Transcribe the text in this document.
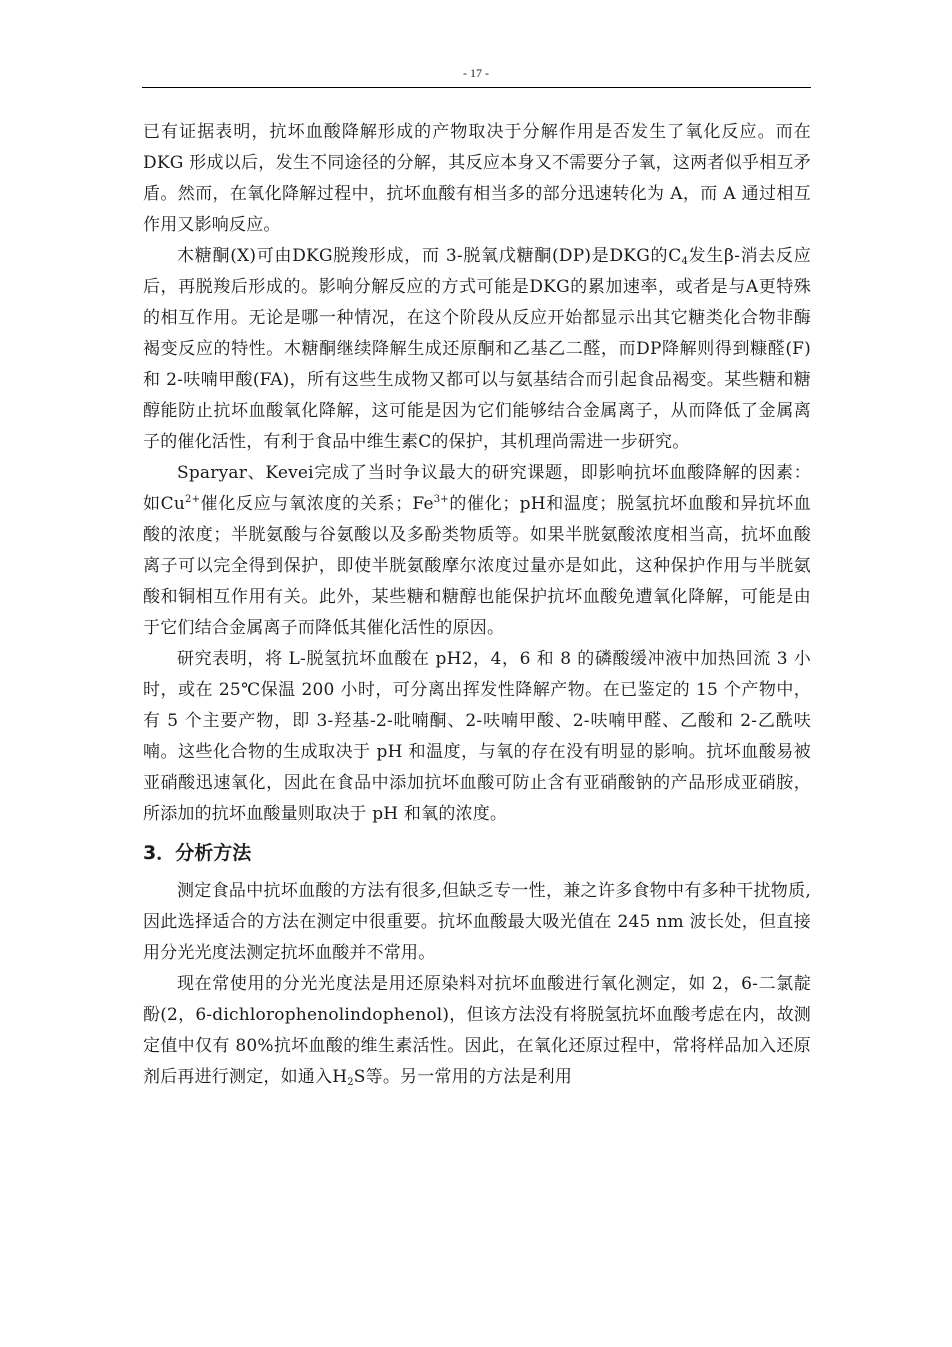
- 17 -

已有证据表明，抗坏血酸降解形成的产物取决于分解作用是否发生了氧化反应。而在 DKG 形成以后，发生不同途径的分解，其反应本身又不需要分子氧，这两者似乎相互矛盾。然而，在氧化降解过程中，抗坏血酸有相当多的部分迅速转化为 A，而 A 通过相互作用又影响反应。

木糖酮(X)可由DKG脱羧形成，而 3-脱氧戊糖酮(DP)是DKG的$C_4$发生β-消去反应后，再脱羧后形成的。影响分解反应的方式可能是DKG的累加速率，或者是与A更特殊的相互作用。无论是哪一种情况，在这个阶段从反应开始都显示出其它糖类化合物非酶褐变反应的特性。木糖酮继续降解生成还原酮和乙基乙二醛，而DP降解则得到糠醛(F) 和 2-呋喃甲酸(FA)，所有这些生成物又都可以与氨基结合而引起食品褐变。某些糖和糖醇能防止抗坏血酸氧化降解，这可能是因为它们能够结合金属离子，从而降低了金属离子的催化活性，有利于食品中维生素C的保护，其机理尚需进一步研究。

Sparyar、Kevei完成了当时争议最大的研究课题，即影响抗坏血酸降解的因素：如$Cu^{2+}$催化反应与氧浓度的关系；$Fe^{3+}$的催化；pH和温度；脱氢抗坏血酸和异抗坏血酸的浓度；半胱氨酸与谷氨酸以及多酚类物质等。如果半胱氨酸浓度相当高，抗坏血酸离子可以完全得到保护，即使半胱氨酸摩尔浓度过量亦是如此，这种保护作用与半胱氨酸和铜相互作用有关。此外，某些糖和糖醇也能保护抗坏血酸免遭氧化降解，可能是由于它们结合金属离子而降低其催化活性的原因。

研究表明，将 L-脱氢抗坏血酸在 pH2，4，6 和 8 的磷酸缓冲液中加热回流 3 小时，或在 25℃保温 200 小时，可分离出挥发性降解产物。在已鉴定的 15 个产物中，有 5 个主要产物，即 3-羟基-2-吡喃酮、2-呋喃甲酸、2-呋喃甲醛、乙酸和 2-乙酰呋喃。这些化合物的生成取决于 pH 和温度，与氧的存在没有明显的影响。抗坏血酸易被亚硝酸迅速氧化，因此在食品中添加抗坏血酸可防止含有亚硝酸钠的产品形成亚硝胺，所添加的抗坏血酸量则取决于 pH 和氧的浓度。

3．分析方法

测定食品中抗坏血酸的方法有很多,但缺乏专一性，兼之许多食物中有多种干扰物质,因此选择适合的方法在测定中很重要。抗坏血酸最大吸光值在 245 nm 波长处，但直接用分光光度法测定抗坏血酸并不常用。

现在常使用的分光光度法是用还原染料对抗坏血酸进行氧化测定，如 2，6-二氯靛酚(2，6-dichlorophenolindophenol)，但该方法没有将脱氢抗坏血酸考虑在内，故测定值中仅有 80%抗坏血酸的维生素活性。因此，在氧化还原过程中，常将样品加入还原剂后再进行测定，如通入$H_2S$等。另一常用的方法是利用
